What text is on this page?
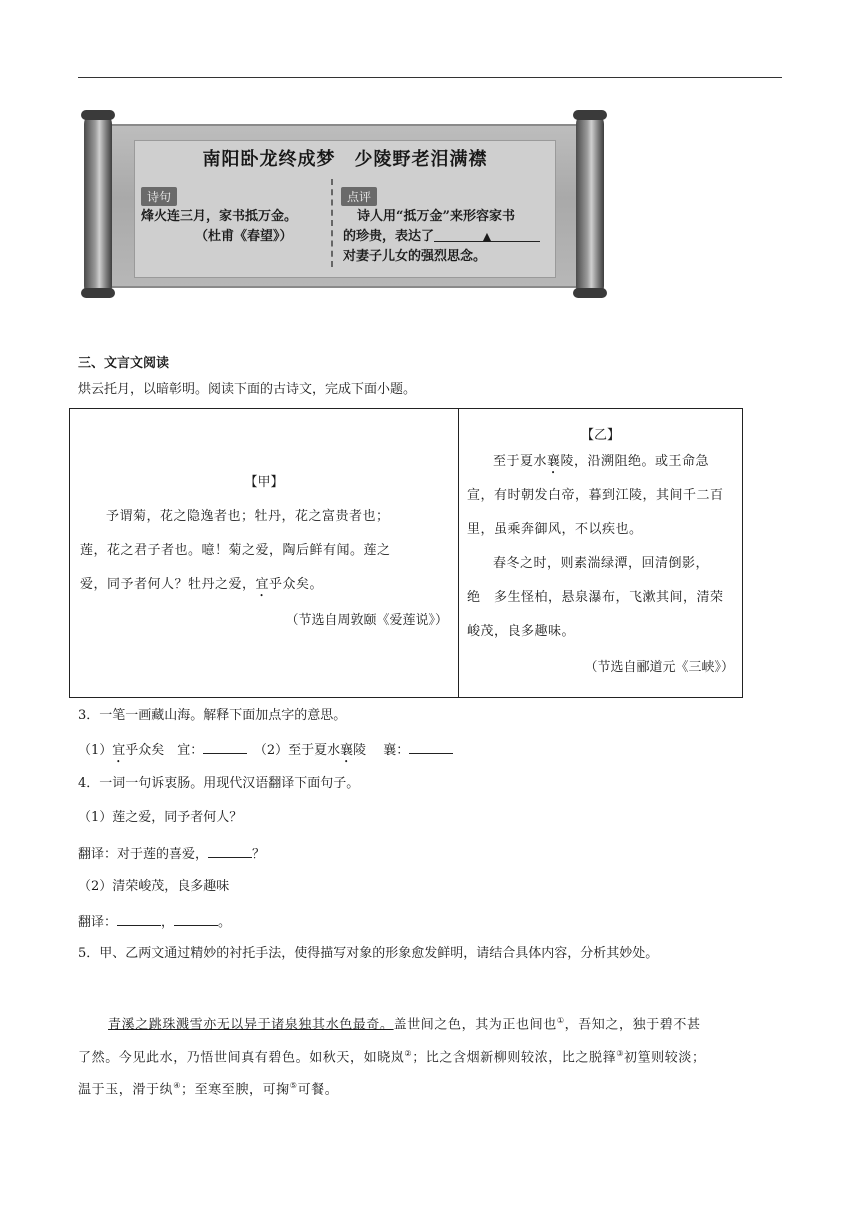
南阳卧龙终成梦　少陵野老泪满襟
诗句	点评
烽火连三月，家书抵万金。
（杜甫《春望》）
诗人用“抵万金”来形容家书
的珍贵，表达了	▲
对妻子儿女的强烈思念。
三、文言文阅读
烘云托月，以暗彰明。阅读下面的古诗文，完成下面小题。
【甲】
予谓菊，花之隐逸者也；牡丹，花之富贵者也；
莲，花之君子者也。噫！菊之爱，陶后鲜有闻。莲之
爱，同予者何人？牡丹之爱，宜乎众矣。
（节选自周敦颐《爱莲说》）

【乙】
至于夏水襄陵，沿溯阻绝。或王命急
宣，有时朝发白帝，暮到江陵，其间千二百
里，虽乘奔御风，不以疾也。
春冬之时，则素湍绿潭，回清倒影，
绝　多生怪柏，悬泉瀑布，飞漱其间，清荣
峻茂，良多趣味。
（节选自郦道元《三峡》）
3．一笔一画藏山海。解释下面加点字的意思。
（1）宜乎众矣　宜：	　（2）至于夏水襄陵　 襄：
4．一词一句诉衷肠。用现代汉语翻译下面句子。
（1）莲之爱，同予者何人？
翻译：对于莲的喜爱，	？
（2）清荣峻茂，良多趣味
翻译：	，	。
5．甲、乙两文通过精妙的衬托手法，使得描写对象的形象愈发鲜明，请结合具体内容，分析其妙处。
青溪之跳珠溅雪亦无以异于诸泉独其水色最奇。盖世间之色，其为正也间也①，吾知之，独于碧不甚
了然。今见此水，乃悟世间真有碧色。如秋天，如晓岚②；比之含烟新柳则较浓，比之脱箨③初篁则较淡；
温于玉，滑于纨④；至寒至腴，可掬⑤可餐。
